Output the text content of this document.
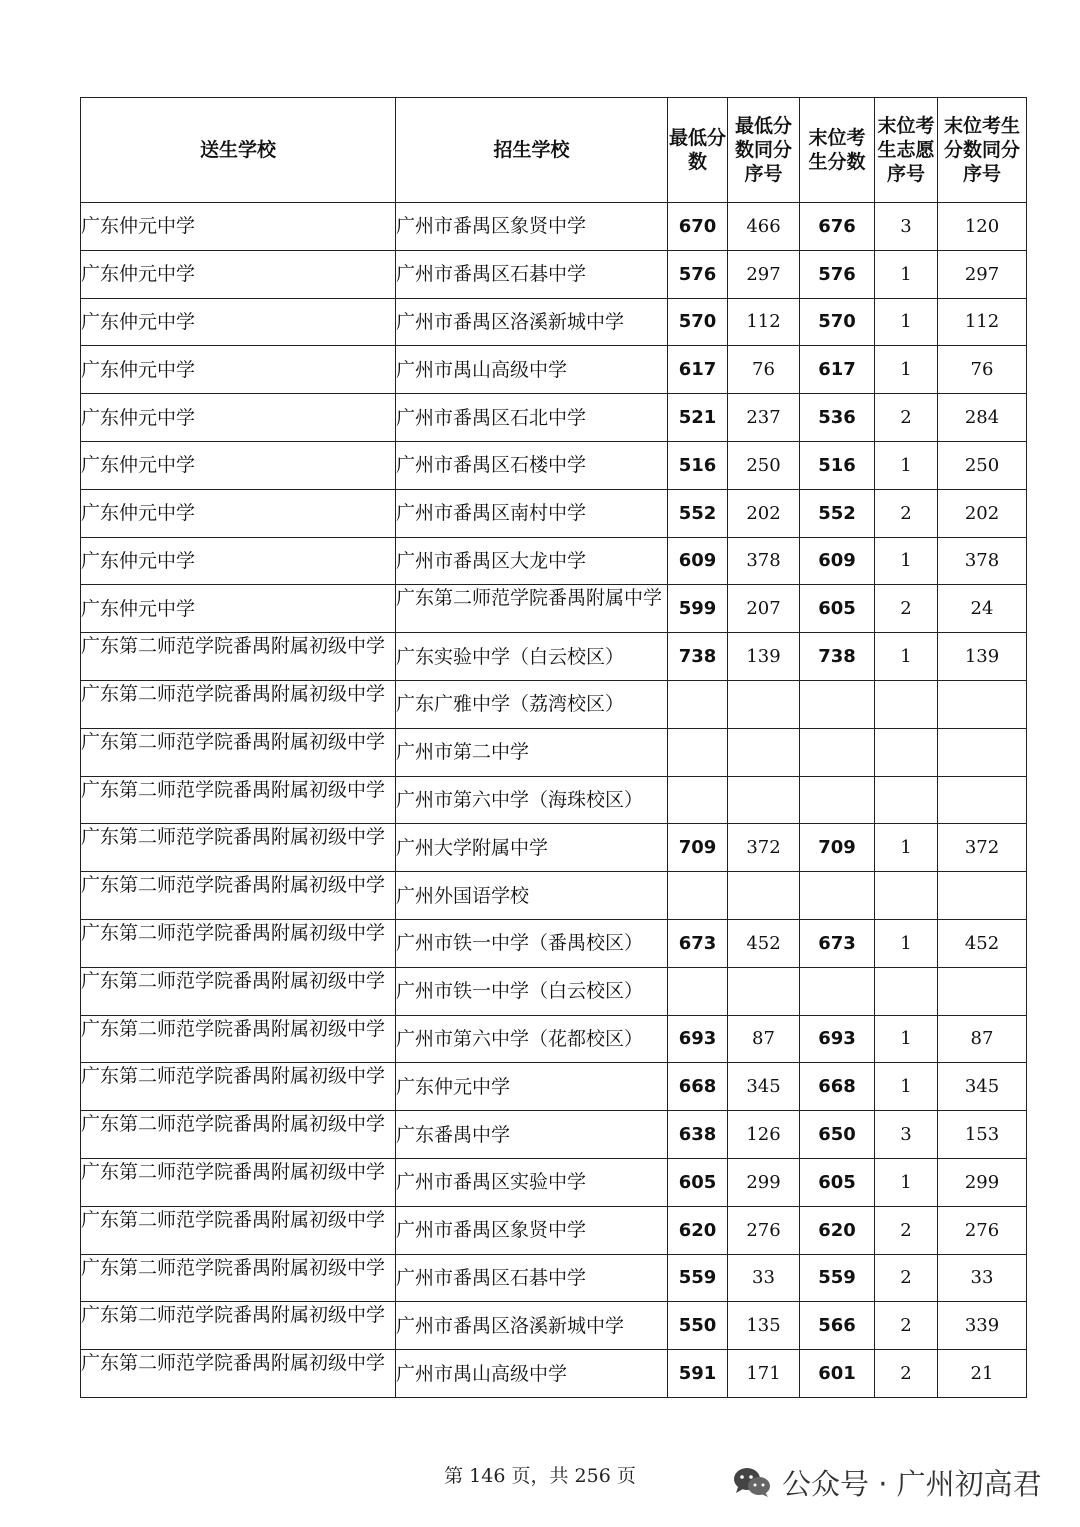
送生学校	招生学校	最低分数	最低分数同分序号	末位考生分数	末位考生志愿序号	末位考生分数同分序号
广东仲元中学	广州市番禺区象贤中学	670	466	676	3	120
广东仲元中学	广州市番禺区石碁中学	576	297	576	1	297
广东仲元中学	广州市番禺区洛溪新城中学	570	112	570	1	112
广东仲元中学	广州市禺山高级中学	617	76	617	1	76
广东仲元中学	广州市番禺区石北中学	521	237	536	2	284
广东仲元中学	广州市番禺区石楼中学	516	250	516	1	250
广东仲元中学	广州市番禺区南村中学	552	202	552	2	202
广东仲元中学	广州市番禺区大龙中学	609	378	609	1	378
广东仲元中学	广东第二师范学院番禺附属中学	599	207	605	2	24
广东第二师范学院番禺附属初级中学	广东实验中学（白云校区）	738	139	738	1	139
广东第二师范学院番禺附属初级中学	广东广雅中学（荔湾校区）					
广东第二师范学院番禺附属初级中学	广州市第二中学					
广东第二师范学院番禺附属初级中学	广州市第六中学（海珠校区）					
广东第二师范学院番禺附属初级中学	广州大学附属中学	709	372	709	1	372
广东第二师范学院番禺附属初级中学	广州外国语学校					
广东第二师范学院番禺附属初级中学	广州市铁一中学（番禺校区）	673	452	673	1	452
广东第二师范学院番禺附属初级中学	广州市铁一中学（白云校区）					
广东第二师范学院番禺附属初级中学	广州市第六中学（花都校区）	693	87	693	1	87
广东第二师范学院番禺附属初级中学	广东仲元中学	668	345	668	1	345
广东第二师范学院番禺附属初级中学	广东番禺中学	638	126	650	3	153
广东第二师范学院番禺附属初级中学	广州市番禺区实验中学	605	299	605	1	299
广东第二师范学院番禺附属初级中学	广州市番禺区象贤中学	620	276	620	2	276
广东第二师范学院番禺附属初级中学	广州市番禺区石碁中学	559	33	559	2	33
广东第二师范学院番禺附属初级中学	广州市番禺区洛溪新城中学	550	135	566	2	339
广东第二师范学院番禺附属初级中学	广州市禺山高级中学	591	171	601	2	21
第 146 页，共 256 页	公众号 · 广州初高君
